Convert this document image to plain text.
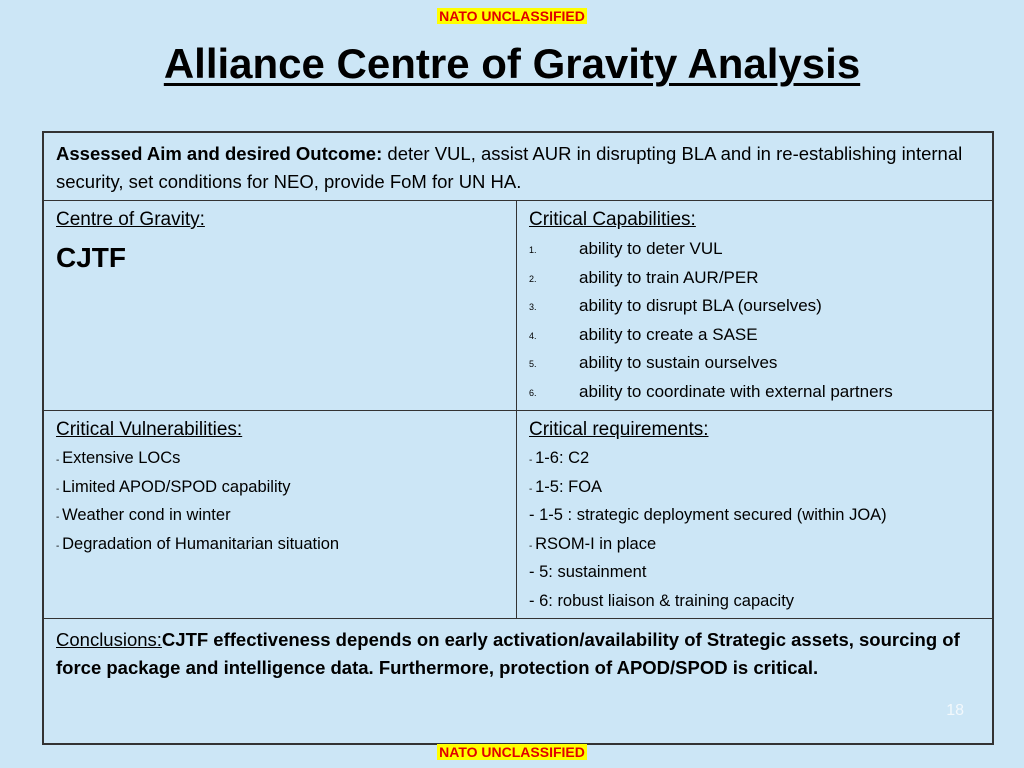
NATO UNCLASSIFIED
Alliance Centre of Gravity Analysis
Assessed Aim and desired Outcome: deter VUL, assist AUR in disrupting BLA and in re-establishing internal security, set conditions for NEO, provide FoM for UN HA.
Centre of Gravity:
CJTF
Critical Capabilities:
1. ability to deter VUL
2. ability to train AUR/PER
3. ability to disrupt BLA (ourselves)
4. ability to create a SASE
5. ability to sustain ourselves
6. ability to coordinate with external partners
Critical Vulnerabilities:
- Extensive LOCs
- Limited APOD/SPOD capability
- Weather cond in winter
- Degradation of Humanitarian situation
Critical requirements:
- 1-6: C2
- 1-5: FOA
- 1-5 : strategic deployment secured (within JOA)
- RSOM-I in place
- 5: sustainment
- 6: robust liaison & training capacity
Conclusions:CJTF effectiveness depends on early activation/availability of Strategic assets, sourcing of force package and intelligence data. Furthermore, protection of APOD/SPOD is critical.
18
NATO UNCLASSIFIED
